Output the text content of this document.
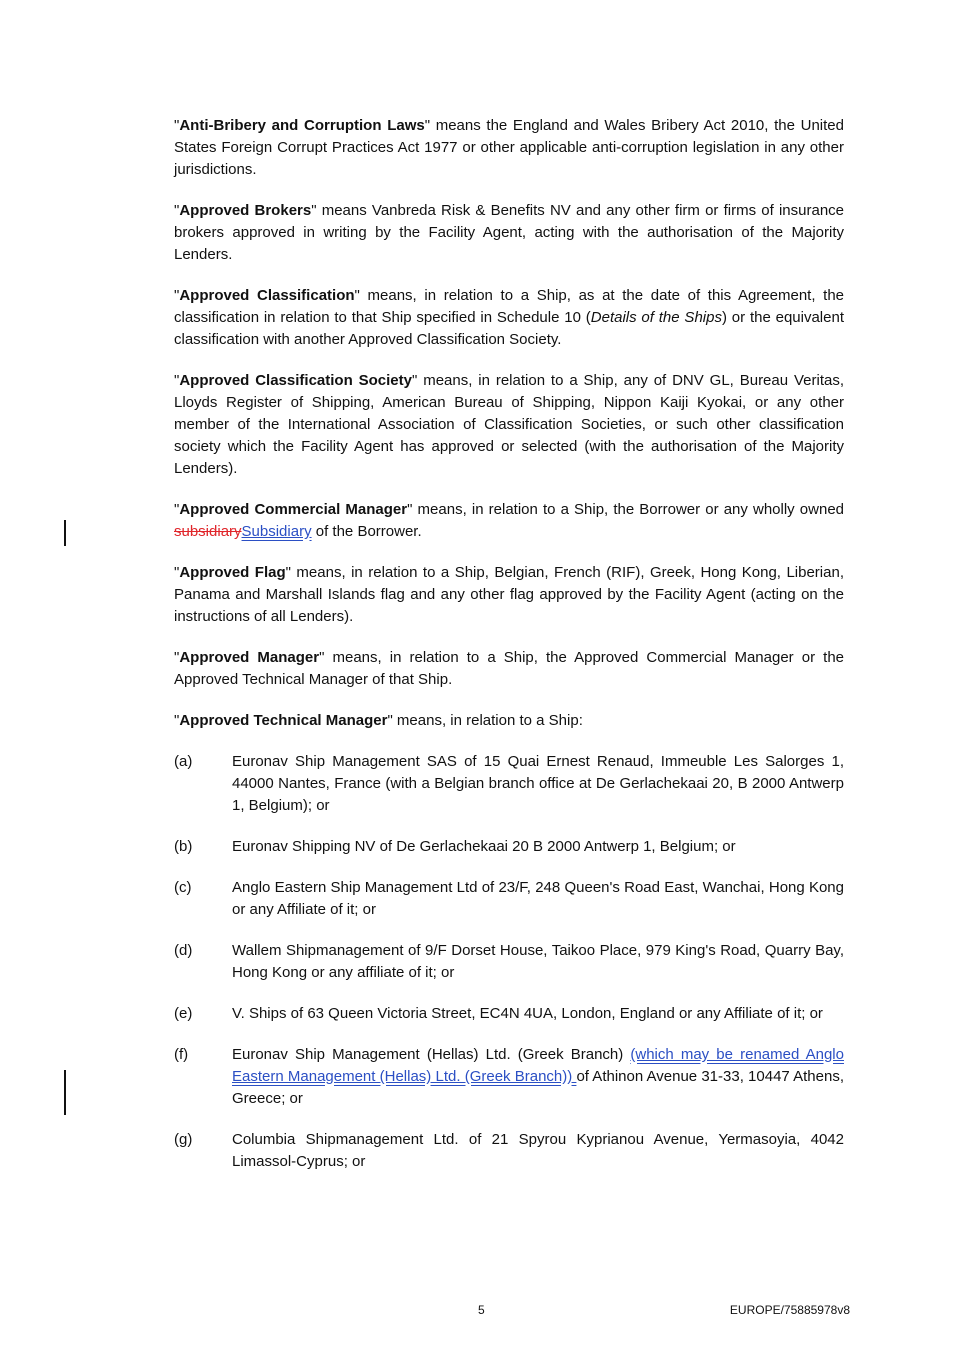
"Anti-Bribery and Corruption Laws" means the England and Wales Bribery Act 2010, the United States Foreign Corrupt Practices Act 1977 or other applicable anti-corruption legislation in any other jurisdictions.

"Approved Brokers" means Vanbreda Risk & Benefits NV and any other firm or firms of insurance brokers approved in writing by the Facility Agent, acting with the authorisation of the Majority Lenders.

"Approved Classification" means, in relation to a Ship, as at the date of this Agreement, the classification in relation to that Ship specified in Schedule 10 (Details of the Ships) or the equivalent classification with another Approved Classification Society.

"Approved Classification Society" means, in relation to a Ship, any of DNV GL, Bureau Veritas, Lloyds Register of Shipping, American Bureau of Shipping, Nippon Kaiji Kyokai, or any other member of the International Association of Classification Societies, or such other classification society which the Facility Agent has approved or selected (with the authorisation of the Majority Lenders).

"Approved Commercial Manager" means, in relation to a Ship, the Borrower or any wholly owned subsidiarySubsidiary of the Borrower.

"Approved Flag" means, in relation to a Ship, Belgian, French (RIF), Greek, Hong Kong, Liberian, Panama and Marshall Islands flag and any other flag approved by the Facility Agent (acting on the instructions of all Lenders).

"Approved Manager" means, in relation to a Ship, the Approved Commercial Manager or the Approved Technical Manager of that Ship.

"Approved Technical Manager" means, in relation to a Ship:

(a)	Euronav Ship Management SAS of 15 Quai Ernest Renaud, Immeuble Les Salorges 1, 44000 Nantes, France (with a Belgian branch office at De Gerlachekaai 20, B 2000 Antwerp 1, Belgium); or
(b)	Euronav Shipping NV of De Gerlachekaai 20 B 2000 Antwerp 1, Belgium; or
(c)	Anglo Eastern Ship Management Ltd of 23/F, 248 Queen's Road East, Wanchai, Hong Kong or any Affiliate of it; or
(d)	Wallem Shipmanagement of 9/F Dorset House, Taikoo Place, 979 King's Road, Quarry Bay, Hong Kong or any affiliate of it; or
(e)	V. Ships of 63 Queen Victoria Street, EC4N 4UA, London, England or any Affiliate of it; or
(f)	Euronav Ship Management (Hellas) Ltd. (Greek Branch) (which may be renamed Anglo Eastern Management (Hellas) Ltd. (Greek Branch)) of Athinon Avenue 31-33, 10447 Athens, Greece; or
(g)	Columbia Shipmanagement Ltd. of 21 Spyrou Kyprianou Avenue, Yermasoyia, 4042 Limassol-Cyprus; or
5	EUROPE/75885978v8
